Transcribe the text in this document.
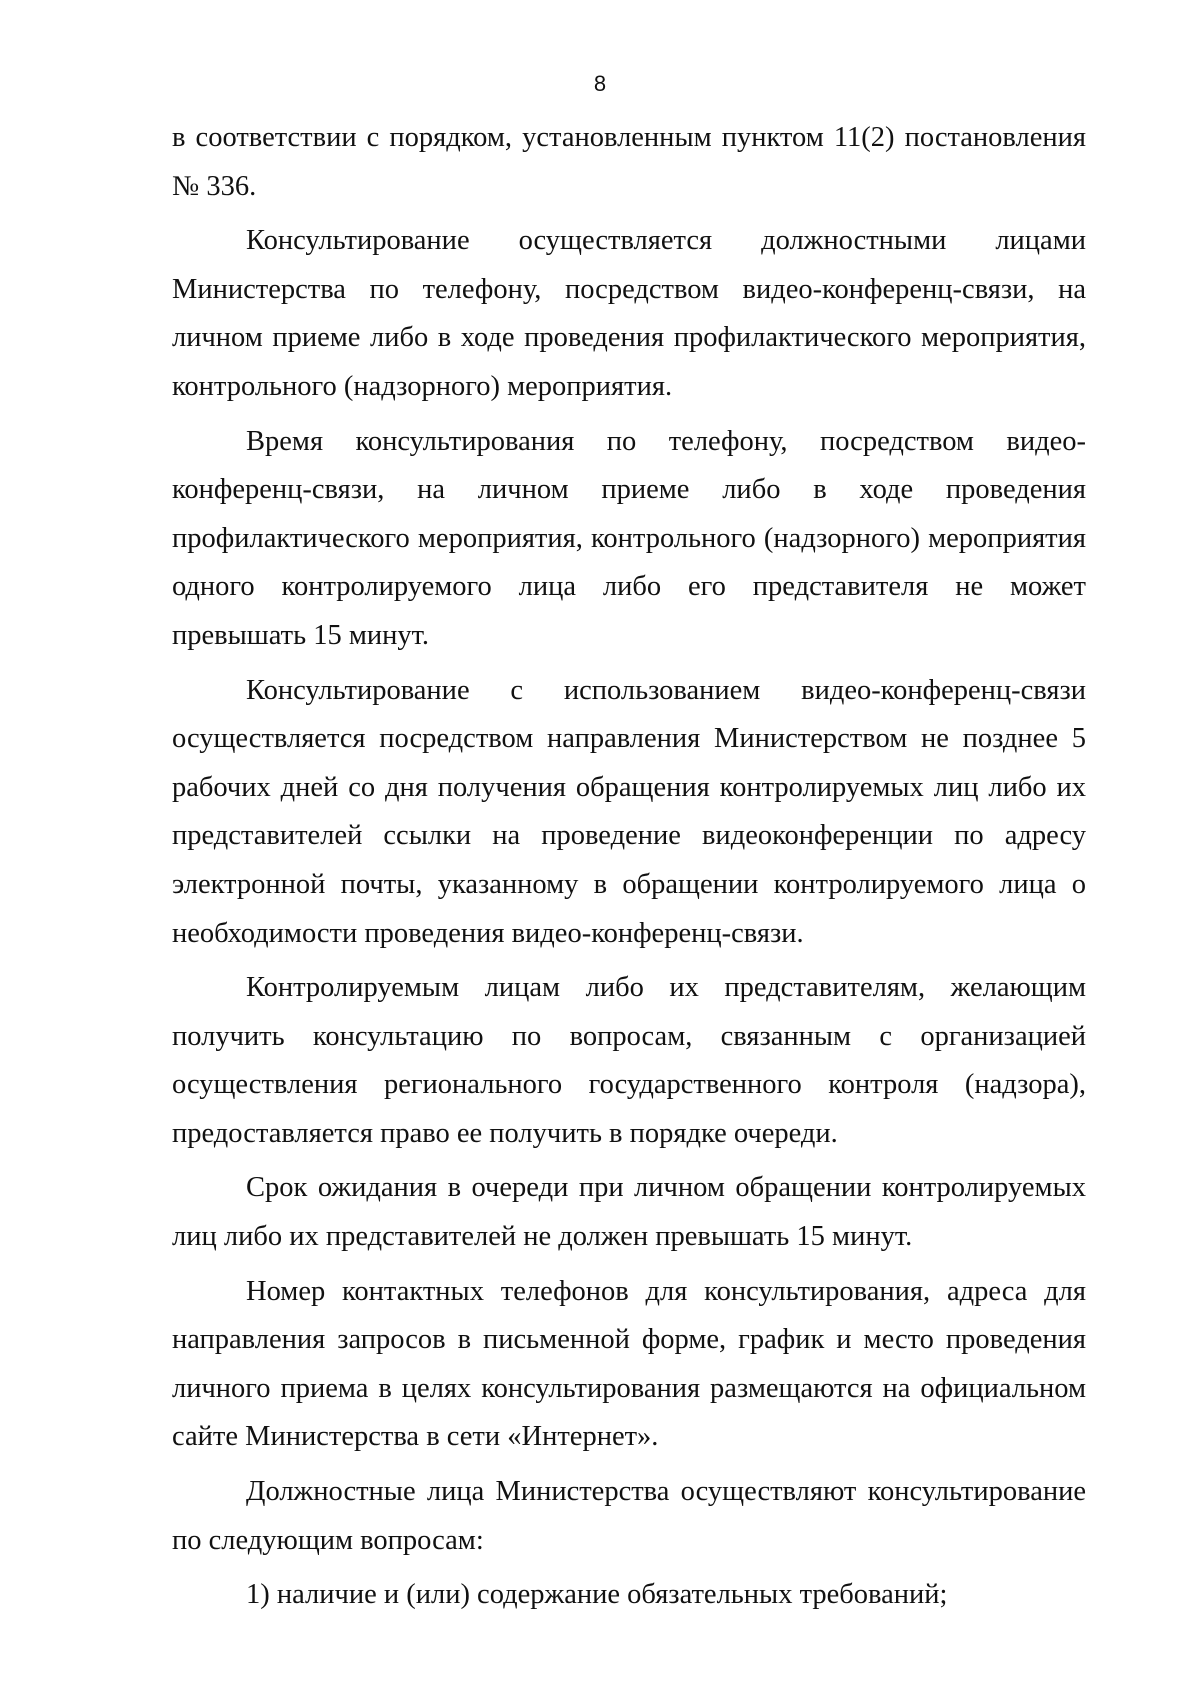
8

в соответствии с порядком, установленным пунктом 11(2) постановления № 336.

Консультирование осуществляется должностными лицами Министерства по телефону, посредством видео-конференц-связи, на личном приеме либо в ходе проведения профилактического мероприятия, контрольного (надзорного) мероприятия.

Время консультирования по телефону, посредством видео-конференц-связи, на личном приеме либо в ходе проведения профилактического мероприятия, контрольного (надзорного) мероприятия одного контролируемого лица либо его представителя не может превышать 15 минут.

Консультирование с использованием видео-конференц-связи осуществляется посредством направления Министерством не позднее 5 рабочих дней со дня получения обращения контролируемых лиц либо их представителей ссылки на проведение видеоконференции по адресу электронной почты, указанному в обращении контролируемого лица о необходимости проведения видео-конференц-связи.

Контролируемым лицам либо их представителям, желающим получить консультацию по вопросам, связанным с организацией осуществления регионального государственного контроля (надзора), предоставляется право ее получить в порядке очереди.

Срок ожидания в очереди при личном обращении контролируемых лиц либо их представителей не должен превышать 15 минут.

Номер контактных телефонов для консультирования, адреса для направления запросов в письменной форме, график и место проведения личного приема в целях консультирования размещаются на официальном сайте Министерства в сети «Интернет».

Должностные лица Министерства осуществляют консультирование по следующим вопросам:

1) наличие и (или) содержание обязательных требований;
